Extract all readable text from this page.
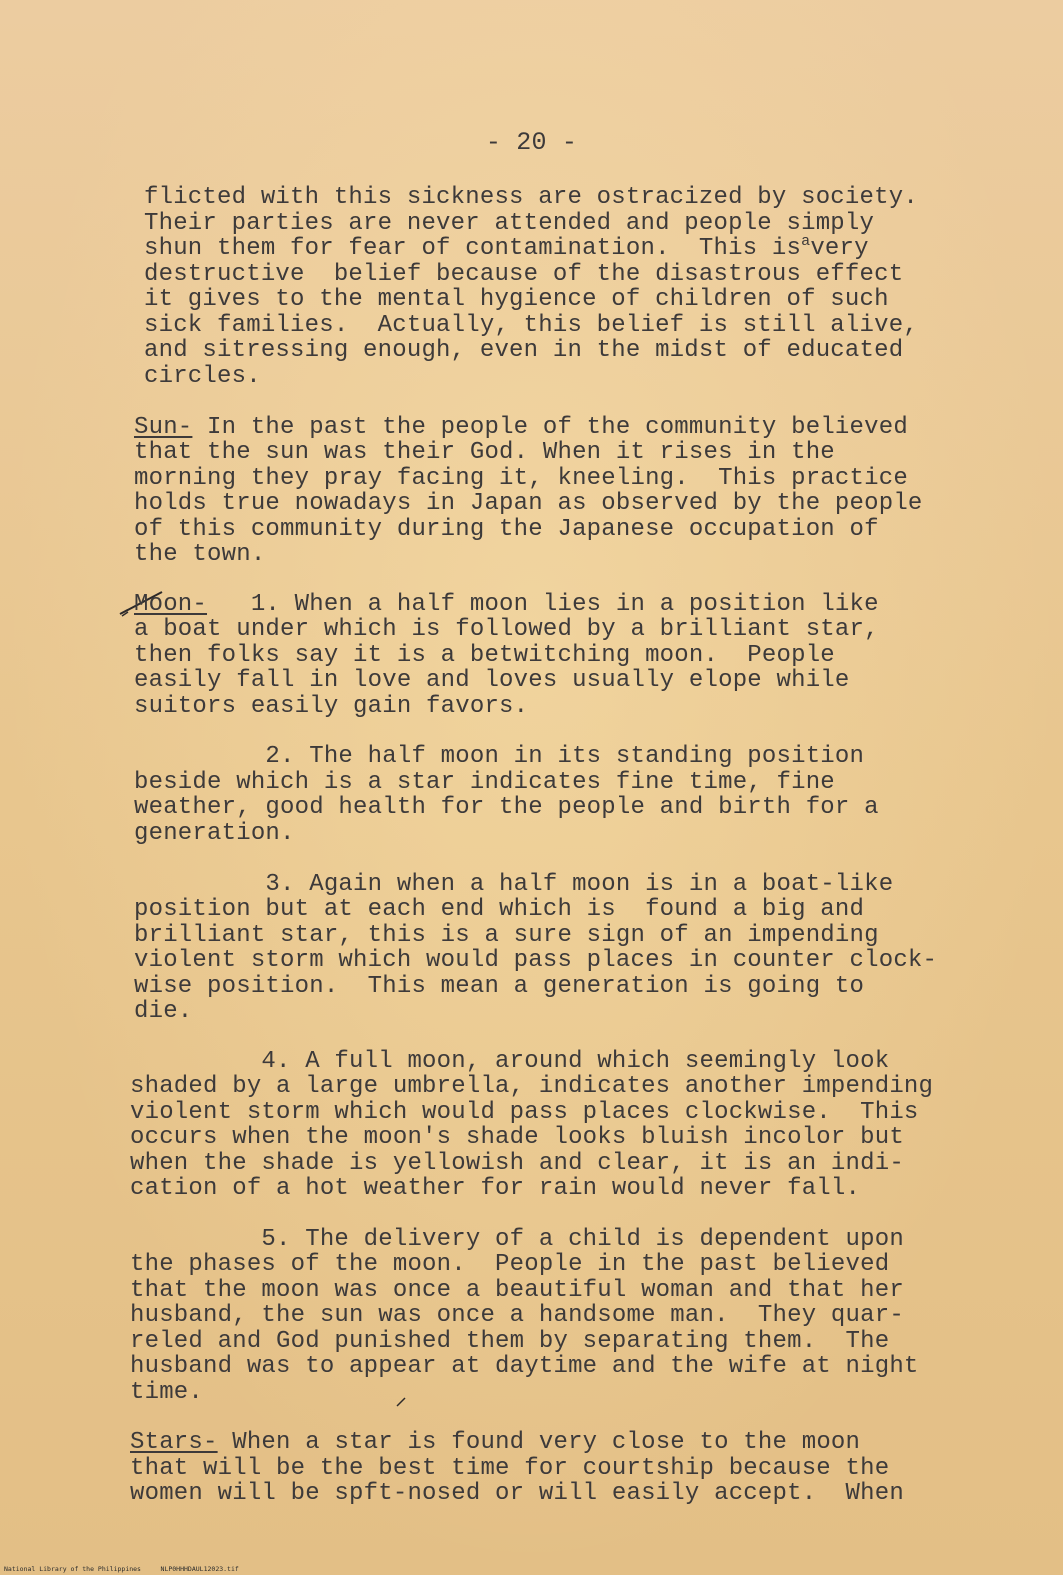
- 20 -
flicted with this sickness are ostracized by society.
Their parties are never attended and people simply
shun them for fear of contamination.  This $is^avery$
destructive  belief because of the disastrous effect
it gives to the mental hygience of children of such
sick families.  Actually, this belief is still alive,
and sitressing enough, even in the midst of educated
circles.
Sun- In the past the people of the community believed
that the sun was their God. When it rises in the
morning they pray facing it, kneeling.  This practice
holds true nowadays in Japan as observed by the people
of this community during the Japanese occupation of
the town.
Moon-   1. When a half moon lies in a position like
a boat under which is followed by a brilliant star,
then folks say it is a betwitching moon.  People
easily fall in love and loves usually elope while
suitors easily gain favors.
2. The half moon in its standing position
beside which is a star indicates fine time, fine
weather, good health for the people and birth for a
generation.
3. Again when a half moon is in a boat-like
position but at each end which is  found a big and
brilliant star, this is a sure sign of an impending
violent storm which would pass places in counter clock-
wise position.  This mean a generation is going to
die.
4. A full moon, around which seemingly look
shaded by a large umbrella, indicates another impending
violent storm which would pass places clockwise.  This
occurs when the moon's shade looks bluish incolor but
when the shade is yellowish and clear, it is an indi-
cation of a hot weather for rain would never fall.
5. The delivery of a child is dependent upon
the phases of the moon.  People in the past believed
that the moon was once a beautiful woman and that her
husband, the sun was once a handsome man.  They quar-
reled and God punished them by separating them.  The
husband was to appear at daytime and the wife at night
time.
Stars- When a star is found very close to the moon
that will be the best time for courtship because the
women will be spft-nosed or will easily accept.  When
National Library of the Philippines     NLP0HHHDAUL12023.tif
